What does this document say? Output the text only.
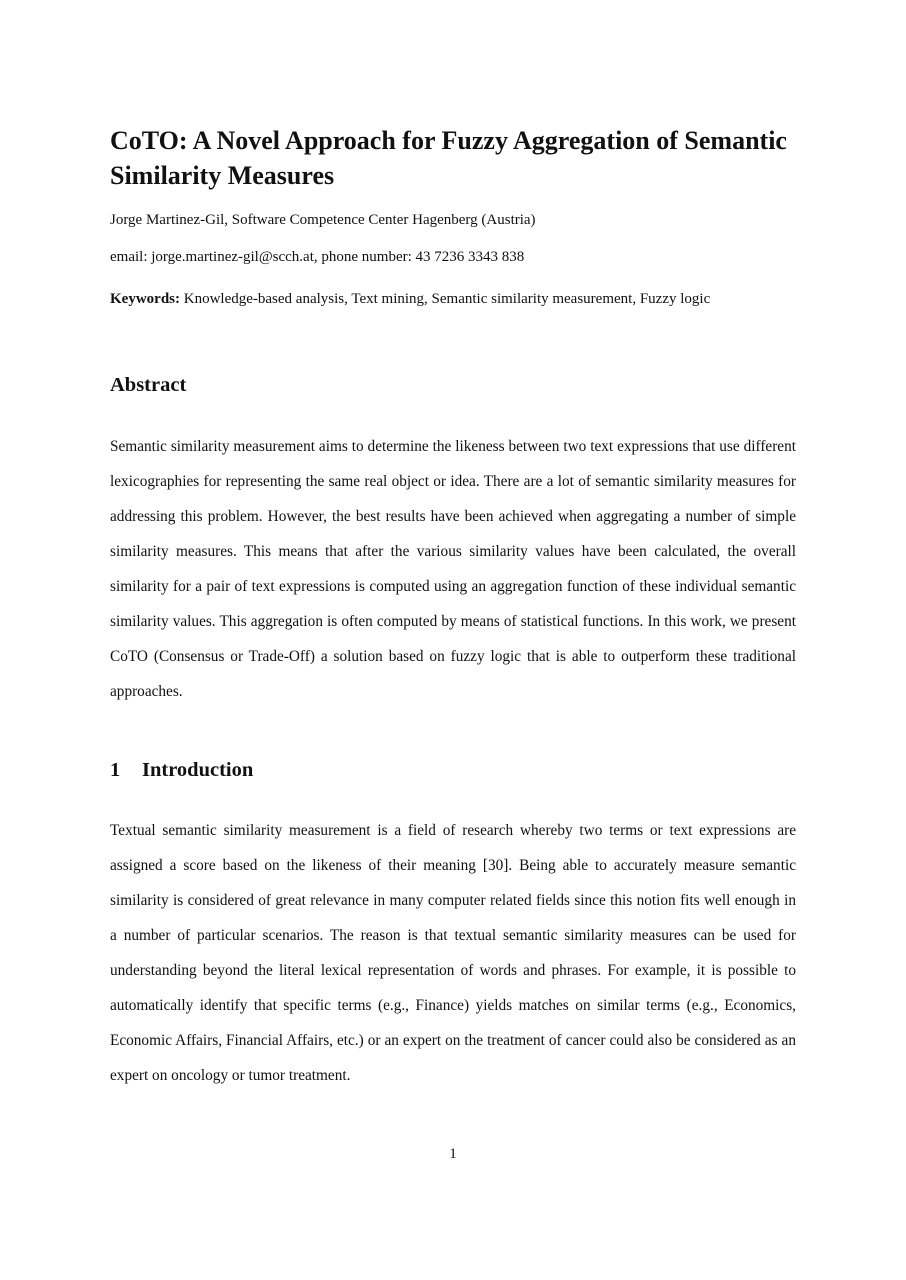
CoTO: A Novel Approach for Fuzzy Aggregation of Semantic Similarity Measures

Jorge Martinez-Gil, Software Competence Center Hagenberg (Austria)

email: jorge.martinez-gil@scch.at, phone number: 43 7236 3343 838

Keywords: Knowledge-based analysis, Text mining, Semantic similarity measurement, Fuzzy logic

Abstract

Semantic similarity measurement aims to determine the likeness between two text expressions that use different lexicographies for representing the same real object or idea. There are a lot of semantic similarity measures for addressing this problem. However, the best results have been achieved when aggregating a number of simple similarity measures. This means that after the various similarity values have been calculated, the overall similarity for a pair of text expressions is computed using an aggregation function of these individual semantic similarity values. This aggregation is often computed by means of statistical functions. In this work, we present CoTO (Consensus or Trade-Off) a solution based on fuzzy logic that is able to outperform these traditional approaches.

1 Introduction

Textual semantic similarity measurement is a field of research whereby two terms or text expressions are assigned a score based on the likeness of their meaning [30]. Being able to accurately measure semantic similarity is considered of great relevance in many computer related fields since this notion fits well enough in a number of particular scenarios. The reason is that textual semantic similarity measures can be used for understanding beyond the literal lexical representation of words and phrases. For example, it is possible to automatically identify that specific terms (e.g., Finance) yields matches on similar terms (e.g., Economics, Economic Affairs, Financial Affairs, etc.) or an expert on the treatment of cancer could also be considered as an expert on oncology or tumor treatment.

1
